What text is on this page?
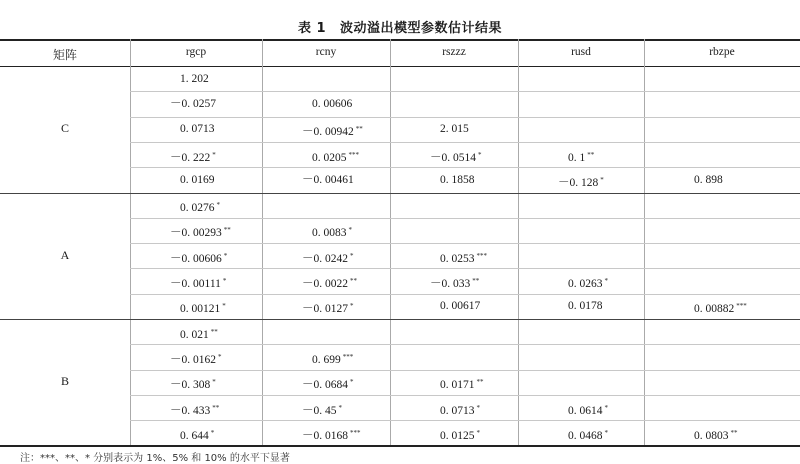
表 1 波动溢出模型参数估计结果
矩阵	rgcp	rcny	rszzz	rusd	rbzpe
C
1. 202
－0. 0257	0. 00606
0. 0713	－0. 00942 **	2. 015
－0. 222 *	0. 0205 ***	－0. 0514 *	0. 1 **
0. 0169	－0. 00461	0. 1858	－0. 128 *	0. 898
A
0. 0276 *
－0. 00293 **	0. 0083 *
－0. 00606 *	－0. 0242 *	0. 0253 ***
－0. 00111 *	－0. 0022 **	－0. 033 **	0. 0263 *
0. 00121 *	－0. 0127 *	0. 00617	0. 0178	0. 00882 ***
B
0. 021 **
－0. 0162 *	0. 699 ***
－0. 308 *	－0. 0684 *	0. 0171 **
－0. 433 **	－0. 45 *	0. 0713 *	0. 0614 *
0. 644 *	－0. 0168 ***	0. 0125 *	0. 0468 *	0. 0803 **
注：***、**、* 分别表示为 1%、5% 和 10% 的水平下显著
